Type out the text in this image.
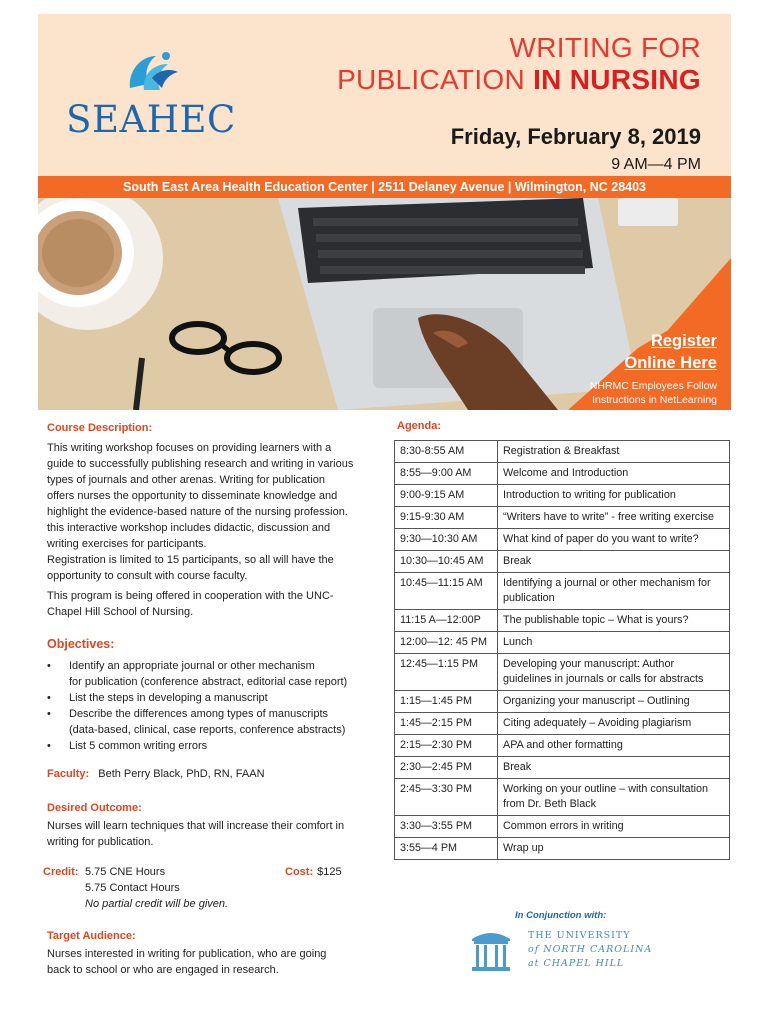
SEAHEC
WRITING FOR
PUBLICATION IN NURSING
Friday, February 8, 2019
9 AM—4 PM
South East Area Health Education Center | 2511 Delaney Avenue | Wilmington, NC 28403
Register
Online Here
NHRMC Employees Follow
Instructions in NetLearning
Course Description:
This writing workshop focuses on providing learners with a
guide to successfully publishing research and writing in various
types of journals and other arenas. Writing for publication
offers nurses the opportunity to disseminate knowledge and
highlight the evidence-based nature of the nursing profession.
this interactive workshop includes didactic, discussion and
writing exercises for participants.
Registration is limited to 15 participants, so all will have the
opportunity to consult with course faculty.
This program is being offered in cooperation with the UNC-
Chapel Hill School of Nursing.
Objectives:
• Identify an appropriate journal or other mechanism
for publication (conference abstract, editorial case report)
• List the steps in developing a manuscript
• Describe the differences among types of manuscripts
(data-based, clinical, case reports, conference abstracts)
• List 5 common writing errors
Faculty: Beth Perry Black, PhD, RN, FAAN
Desired Outcome:
Nurses will learn techniques that will increase their comfort in
writing for publication.
Credit: 5.75 CNE Hours	Cost: $125
5.75 Contact Hours
No partial credit will be given.
Target Audience:
Nurses interested in writing for publication, who are going
back to school or who are engaged in research.
Agenda:
8:30-8:55 AM	Registration & Breakfast
8:55—9:00 AM	Welcome and Introduction
9:00-9:15 AM	Introduction to writing for publication
9:15-9:30 AM	“Writers have to write” - free writing exercise
9:30—10:30 AM	What kind of paper do you want to write?
10:30—10:45 AM	Break
10:45—11:15 AM	Identifying a journal or other mechanism for publication
11:15 A—12:00P	The publishable topic – What is yours?
12:00—12: 45 PM	Lunch
12:45—1:15 PM	Developing your manuscript: Author guidelines in journals or calls for abstracts
1:15—1:45 PM	Organizing your manuscript – Outlining
1:45—2:15 PM	Citing adequately – Avoiding plagiarism
2:15—2:30 PM	APA and other formatting
2:30—2:45 PM	Break
2:45—3:30 PM	Working on your outline – with consultation from Dr. Beth Black
3:30—3:55 PM	Common errors in writing
3:55—4 PM	Wrap up
In Conjunction with:
THE UNIVERSITY
of NORTH CAROLINA
at CHAPEL HILL
